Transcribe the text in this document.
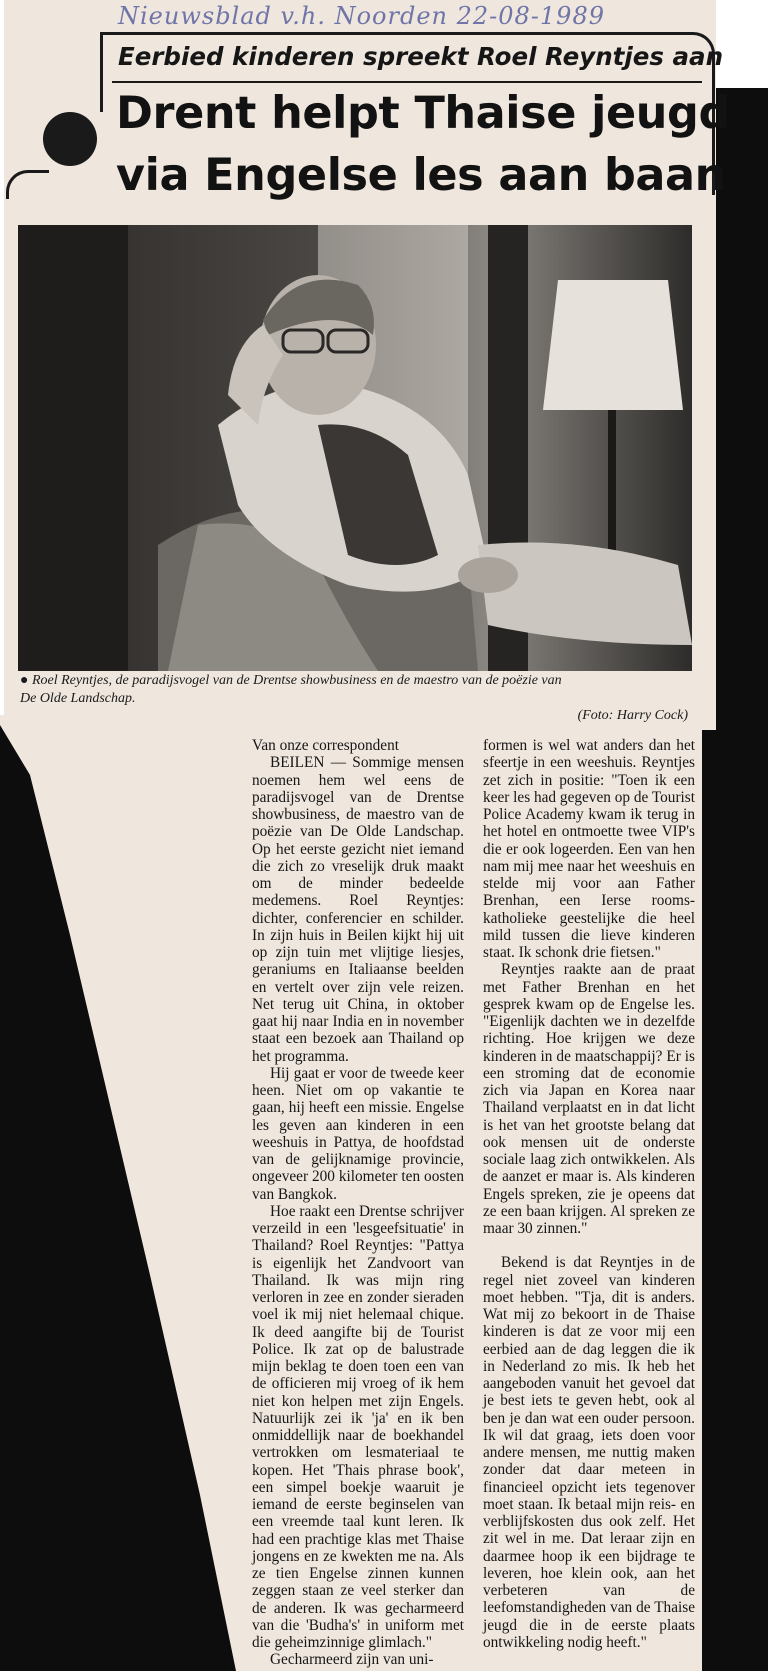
Nieuwsblad v.h. Noorden 22-08-1989
Eerbied kinderen spreekt Roel Reyntjes aan
Drent helpt Thaise jeugd
via Engelse les aan baan
● Roel Reyntjes, de paradijsvogel van de Drentse showbusiness en de maestro van de poëzie van
De Olde Landschap.
(Foto: Harry Cock)

Van onze correspondent

BEILEN — Sommige mensen noemen hem wel eens de paradijsvogel van de Drentse showbusiness, de maestro van de poëzie van De Olde Landschap. Op het eerste gezicht niet iemand die zich zo vreselijk druk maakt om de minder bedeelde medemens. Roel Reyntjes: dichter, conferencier en schilder. In zijn huis in Beilen kijkt hij uit op zijn tuin met vlijtige liesjes, geraniums en Italiaanse beelden en vertelt over zijn vele reizen. Net terug uit China, in oktober gaat hij naar India en in november staat een bezoek aan Thailand op het programma.

Hij gaat er voor de tweede keer heen. Niet om op vakantie te gaan, hij heeft een missie. Engelse les geven aan kinderen in een weeshuis in Pattya, de hoofdstad van de gelijknamige provincie, ongeveer 200 kilometer ten oosten van Bangkok.

Hoe raakt een Drentse schrijver verzeild in een 'lesgeefsituatie' in Thailand? Roel Reyntjes: "Pattya is eigenlijk het Zandvoort van Thailand. Ik was mijn ring verloren in zee en zonder sieraden voel ik mij niet helemaal chique. Ik deed aangifte bij de Tourist Police. Ik zat op de balustrade mijn beklag te doen toen een van de officieren mij vroeg of ik hem niet kon helpen met zijn Engels. Natuurlijk zei ik 'ja' en ik ben onmiddellijk naar de boekhandel vertrokken om lesmateriaal te kopen. Het 'Thais phrase book', een simpel boekje waaruit je iemand de eerste beginselen van een vreemde taal kunt leren. Ik had een prachtige klas met Thaise jongens en ze kwekten me na. Als ze tien Engelse zinnen kunnen zeggen staan ze veel sterker dan de anderen. Ik was gecharmeerd van die 'Budha's' in uniform met die geheimzinnige glimlach."

Gecharmeerd zijn van uni-

formen is wel wat anders dan het sfeertje in een weeshuis. Reyntjes zet zich in positie: "Toen ik een keer les had gegeven op de Tourist Police Academy kwam ik terug in het hotel en ontmoette twee VIP's die er ook logeerden. Een van hen nam mij mee naar het weeshuis en stelde mij voor aan Father Brenhan, een Ierse rooms-katholieke geestelijke die heel mild tussen die lieve kinderen staat. Ik schonk drie fietsen."

Reyntjes raakte aan de praat met Father Brenhan en het gesprek kwam op de Engelse les. "Eigenlijk dachten we in dezelfde richting. Hoe krijgen we deze kinderen in de maatschappij? Er is een stroming dat de economie zich via Japan en Korea naar Thailand verplaatst en in dat licht is het van het grootste belang dat ook mensen uit de onderste sociale laag zich ontwikkelen. Als de aanzet er maar is. Als kinderen Engels spreken, zie je opeens dat ze een baan krijgen. Al spreken ze maar 30 zinnen."

Bekend is dat Reyntjes in de regel niet zoveel van kinderen moet hebben. "Tja, dit is anders. Wat mij zo bekoort in de Thaise kinderen is dat ze voor mij een eerbied aan de dag leggen die ik in Nederland zo mis. Ik heb het aangeboden vanuit het gevoel dat je best iets te geven hebt, ook al ben je dan wat een ouder persoon. Ik wil dat graag, iets doen voor andere mensen, me nuttig maken zonder dat daar meteen in financieel opzicht iets tegenover moet staan. Ik betaal mijn reis- en verblijfskosten dus ook zelf. Het zit wel in me. Dat leraar zijn en daarmee hoop ik een bijdrage te leveren, hoe klein ook, aan het verbeteren van de leefomstandigheden van de Thaise jeugd die in de eerste plaats ontwikkeling nodig heeft."
